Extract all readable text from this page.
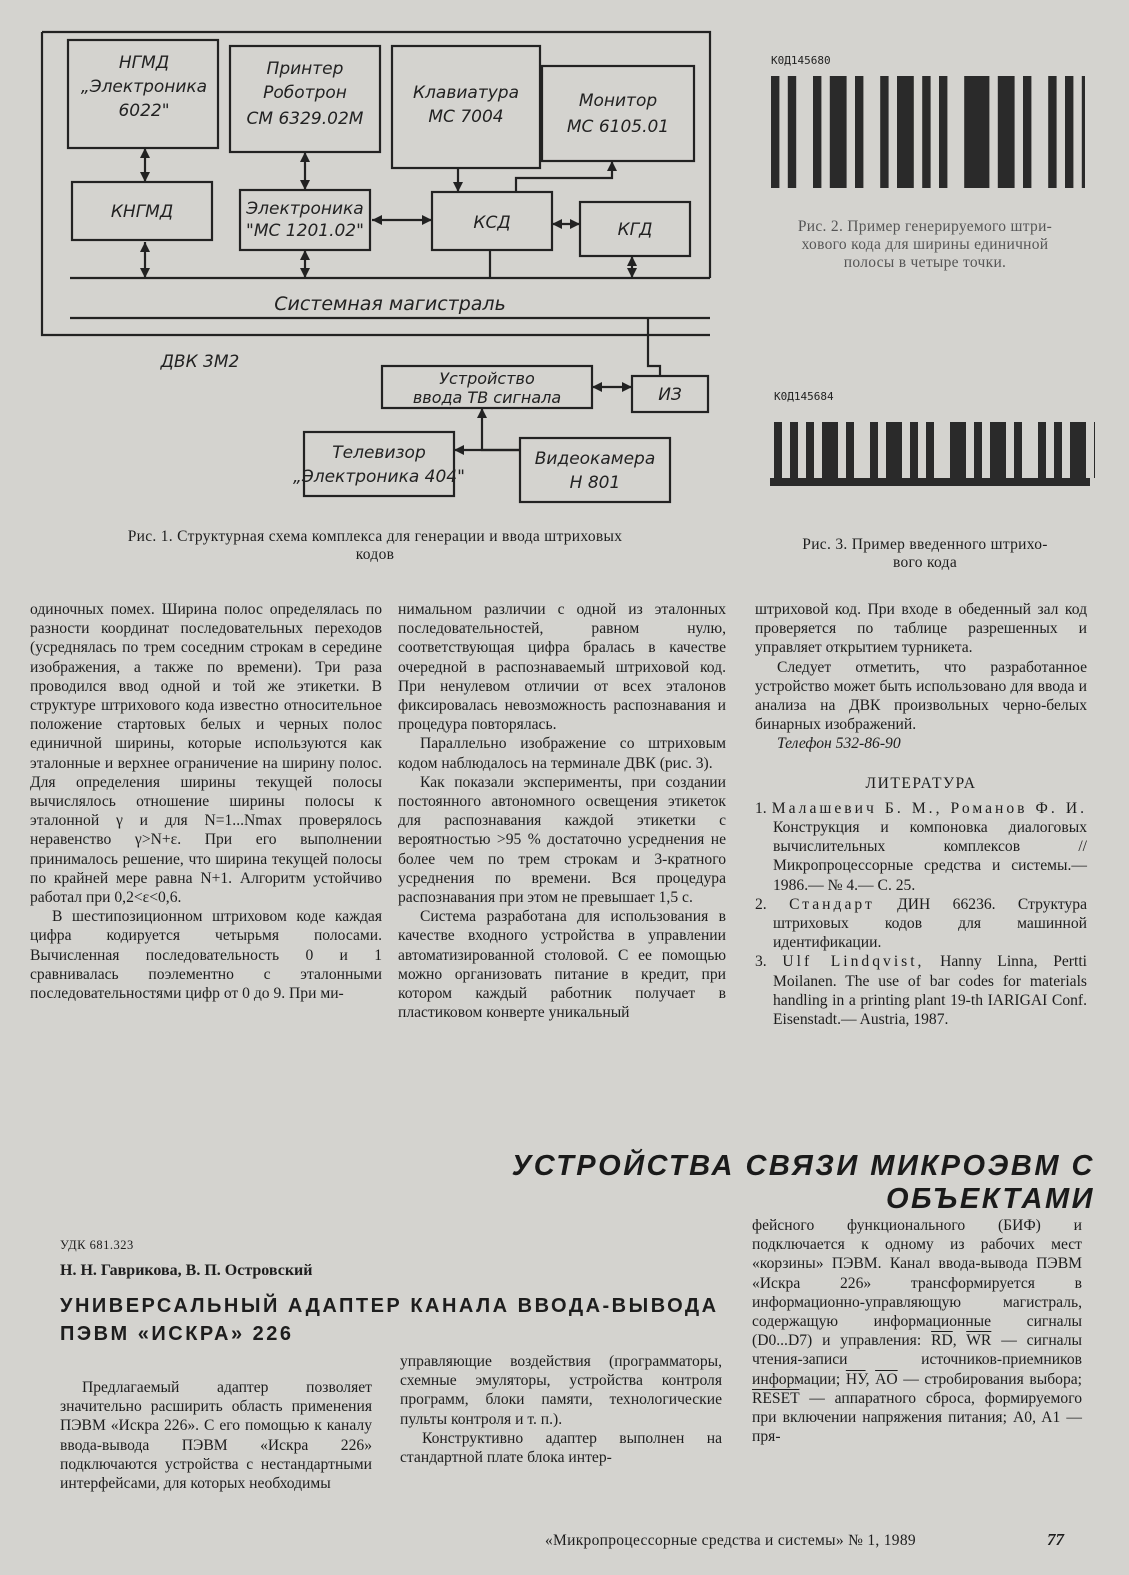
НГМД
„Электроника
6022"
Принтер
Роботрон
СМ 6329.02М
Клавиатура
МС 7004
Монитор
МС 6105.01
КНГМД	Электроника
"МС 1201.02"	КСД	КГД
Системная магистраль
ДВК 3М2
Устройство
ввода ТВ сигнала	ИЗ
Телевизор
„Электроника 404"
Видеокамера
Н 801
Рис. 1. Структурная схема комплекса для генерации и ввода штриховых
кодов
К0Д145680
Рис. 2. Пример генерируемого штри-
хового кода для ширины единичной
полосы в четыре точки.
К0Д145684
Рис. 3. Пример введенного штрихо-
вого кода

одиночных помех. Ширина полос определялась по разности координат последовательных переходов (усреднялась по трем соседним строкам в середине изображения, а также по времени). Три раза проводился ввод одной и той же этикетки. В структуре штрихового кода известно относительное положение стартовых белых и черных полос единичной ширины, которые используются как эталонные и верхнее ограничение на ширину полос. Для определения ширины текущей полосы вычислялось отношение ширины полосы к эталонной γ и для N=1...Nmax проверялось неравенство γ>N+ε. При его выполнении принималось решение, что ширина текущей полосы по крайней мере равна N+1. Алгоритм устойчиво работал при 0,2<ε<0,6.

В шестипозиционном штриховом коде каждая цифра кодируется четырьмя полосами. Вычисленная последовательность 0 и 1 сравнивалась поэлементно с эталонными последовательностями цифр от 0 до 9. При ми-

нимальном различии с одной из эталонных последовательностей, равном нулю, соответствующая цифра бралась в качестве очередной в распознаваемый штриховой код. При ненулевом отличии от всех эталонов фиксировалась невозможность распознавания и процедура повторялась.

Параллельно изображение со штриховым кодом наблюдалось на терминале ДВК (рис. 3).

Как показали эксперименты, при создании постоянного автономного освещения этикеток для распознавания каждой этикетки с вероятностью >95 % достаточно усреднения не более чем по трем строкам и 3-кратного усреднения по времени. Вся процедура распознавания при этом не превышает 1,5 с.

Система разработана для использования в качестве входного устройства в управлении автоматизированной столовой. С ее помощью можно организовать питание в кредит, при котором каждый работник получает в пластиковом конверте уникальный

штриховой код. При входе в обеденный зал код проверяется по таблице разрешенных и управляет открытием турникета.

Следует отметить, что разработанное устройство может быть использовано для ввода и анализа на ДВК произвольных черно-белых бинарных изображений.

Телефон 532-86-90

ЛИТЕРАТУРА

1. Малашевич Б. М., Романов Ф. И. Конструкция и компоновка диалоговых вычислительных комплексов // Микропроцессорные средства и системы.— 1986.— № 4.— С. 25.

2. Стандарт ДИН 66236. Структура штриховых кодов для машинной идентификации.

3. Ulf Lindqvist, Hanny Linna, Pertti Moilanen. The use of bar codes for materials handling in a printing plant 19-th IARIGAI Conf. Eisenstadt.— Austria, 1987.

УСТРОЙСТВА СВЯЗИ МИКРОЭВМ С ОБЪЕКТАМИ
УДК 681.323
Н. Н. Гаврикова, В. П. Островский
УНИВЕРСАЛЬНЫЙ АДАПТЕР КАНАЛА ВВОДА-ВЫВОДА
ПЭВМ «ИСКРА» 226

Предлагаемый адаптер позволяет значительно расширить область применения ПЭВМ «Искра 226». С его помощью к каналу ввода-вывода ПЭВМ «Искра 226» подключаются устройства с нестандартными интерфейсами, для которых необходимы

управляющие воздействия (программаторы, схемные эмуляторы, устройства контроля программ, блоки памяти, технологические пульты контроля и т. п.).

Конструктивно адаптер выполнен на стандартной плате блока интер-

фейсного функционального (БИФ) и подключается к одному из рабочих мест «корзины» ПЭВМ. Канал ввода-вывода ПЭВМ «Искра 226» трансформируется в информационно-управляющую магистраль, содержащую информационные сигналы (D0...D7) и управления: $\overline{RD}$, $\overline{WR}$ — сигналы чтения-записи источников-приемников информации; НУ, $\overline{AO}$ — стробирования выбора; RESET — аппаратного сброса, формируемого при включении напряжения питания; A0, A1 — пря-

«Микропроцессорные средства и системы» № 1, 1989	77
